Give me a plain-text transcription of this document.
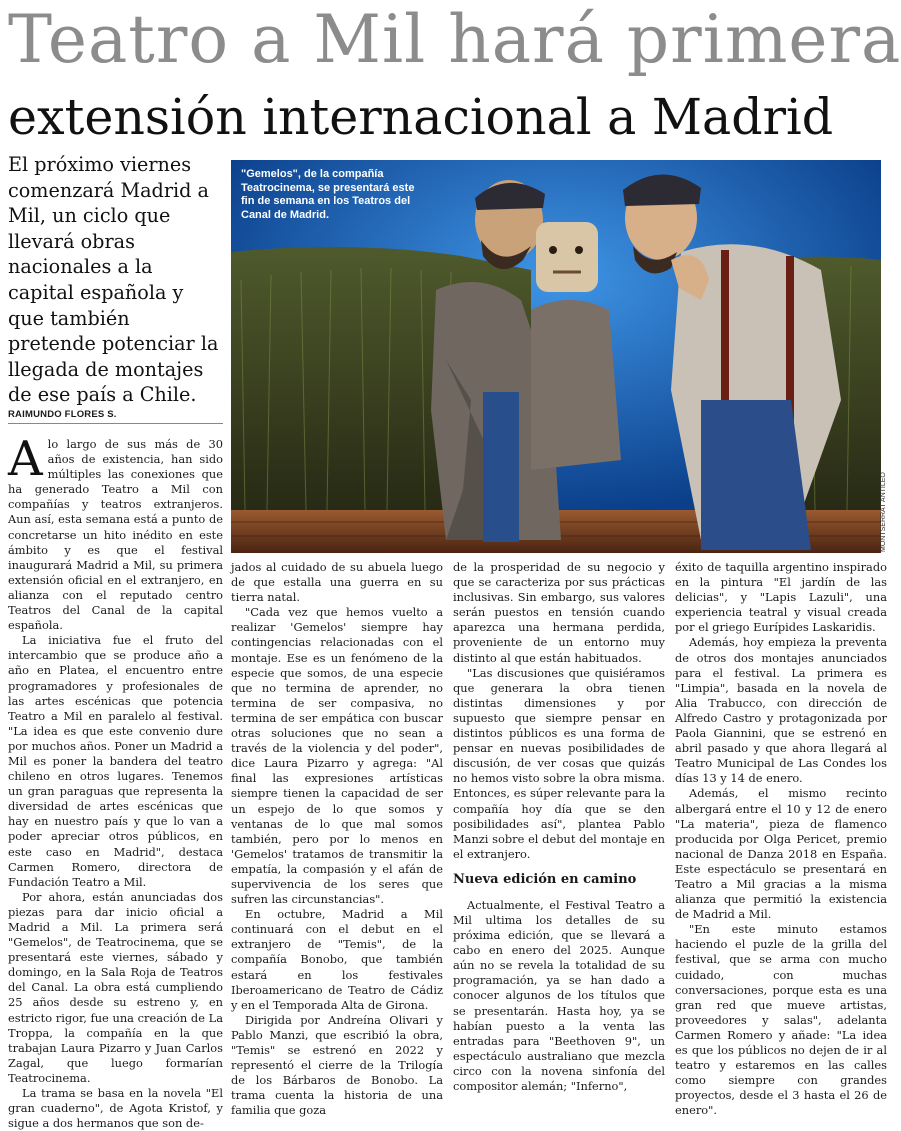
Teatro a Mil hará primera
extensión internacional a Madrid
El próximo viernes comenzará Madrid a Mil, un ciclo que llevará obras nacionales a la capital española y que también pretende potenciar la llegada de montajes de ese país a Chile.
RAIMUNDO FLORES S.
"Gemelos", de la compañía Teatrocinema, se presentará este fin de semana en los Teatros del Canal de Madrid.
MONTSERRAT ANTILEO

Alo largo de sus más de 30 años de existencia, han sido múltiples las conexiones que ha generado Teatro a Mil con compañías y teatros extranjeros. Aun así, esta semana está a punto de concretarse un hito inédito en este ámbito y es que el festival inaugurará Madrid a Mil, su primera extensión oficial en el extranjero, en alianza con el reputado centro Teatros del Canal de la capital española.

La iniciativa fue el fruto del intercambio que se produce año a año en Platea, el encuentro entre programadores y profesionales de las artes escénicas que potencia Teatro a Mil en paralelo al festival. "La idea es que este convenio dure por muchos años. Poner un Madrid a Mil es poner la bandera del teatro chileno en otros lugares. Tenemos un gran paraguas que representa la diversidad de artes escénicas que hay en nuestro país y que lo van a poder apreciar otros públicos, en este caso en Madrid", destaca Carmen Romero, directora de Fundación Teatro a Mil.

Por ahora, están anunciadas dos piezas para dar inicio oficial a Madrid a Mil. La primera será "Gemelos", de Teatrocinema, que se presentará este viernes, sábado y domingo, en la Sala Roja de Teatros del Canal. La obra está cumpliendo 25 años desde su estreno y, en estricto rigor, fue una creación de La Troppa, la compañía en la que trabajan Laura Pizarro y Juan Carlos Zagal, que luego formarían Teatrocinema.

La trama se basa en la novela "El gran cuaderno", de Agota Kristof, y sigue a dos hermanos que son de-

jados al cuidado de su abuela luego de que estalla una guerra en su tierra natal.

"Cada vez que hemos vuelto a realizar 'Gemelos' siempre hay contingencias relacionadas con el montaje. Ese es un fenómeno de la especie que somos, de una especie que no termina de aprender, no termina de ser compasiva, no termina de ser empática con buscar otras soluciones que no sean a través de la violencia y del poder", dice Laura Pizarro y agrega: "Al final las expresiones artísticas siempre tienen la capacidad de ser un espejo de lo que somos y ventanas de lo que mal somos también, pero por lo menos en 'Gemelos' tratamos de transmitir la empatía, la compasión y el afán de supervivencia de los seres que sufren las circunstancias".

En octubre, Madrid a Mil continuará con el debut en el extranjero de "Temis", de la compañía Bonobo, que también estará en los festivales Iberoamericano de Teatro de Cádiz y en el Temporada Alta de Girona.

Dirigida por Andreína Olivari y Pablo Manzi, que escribió la obra, "Temis" se estrenó en 2022 y representó el cierre de la Trilogía de los Bárbaros de Bonobo. La trama cuenta la historia de una familia que goza

de la prosperidad de su negocio y que se caracteriza por sus prácticas inclusivas. Sin embargo, sus valores serán puestos en tensión cuando aparezca una hermana perdida, proveniente de un entorno muy distinto al que están habituados.

"Las discusiones que quisiéramos que generara la obra tienen distintas dimensiones y por supuesto que siempre pensar en distintos públicos es una forma de pensar en nuevas posibilidades de discusión, de ver cosas que quizás no hemos visto sobre la obra misma. Entonces, es súper relevante para la compañía hoy día que se den posibilidades así", plantea Pablo Manzi sobre el debut del montaje en el extranjero.

Nueva edición en camino

Actualmente, el Festival Teatro a Mil ultima los detalles de su próxima edición, que se llevará a cabo en enero del 2025. Aunque aún no se revela la totalidad de su programación, ya se han dado a conocer algunos de los títulos que se presentarán. Hasta hoy, ya se habían puesto a la venta las entradas para "Beethoven 9", un espectáculo australiano que mezcla circo con la novena sinfonía del compositor alemán; "Inferno",

éxito de taquilla argentino inspirado en la pintura "El jardín de las delicias", y "Lapis Lazuli", una experiencia teatral y visual creada por el griego Eurípides Laskaridis.

Además, hoy empieza la preventa de otros dos montajes anunciados para el festival. La primera es "Limpia", basada en la novela de Alia Trabucco, con dirección de Alfredo Castro y protagonizada por Paola Giannini, que se estrenó en abril pasado y que ahora llegará al Teatro Municipal de Las Condes los días 13 y 14 de enero.

Además, el mismo recinto albergará entre el 10 y 12 de enero "La materia", pieza de flamenco producida por Olga Pericet, premio nacional de Danza 2018 en España. Este espectáculo se presentará en Teatro a Mil gracias a la misma alianza que permitió la existencia de Madrid a Mil.

"En este minuto estamos haciendo el puzle de la grilla del festival, que se arma con mucho cuidado, con muchas conversaciones, porque esta es una gran red que mueve artistas, proveedores y salas", adelanta Carmen Romero y añade: "La idea es que los públicos no dejen de ir al teatro y estaremos en las calles como siempre con grandes proyectos, desde el 3 hasta el 26 de enero".
